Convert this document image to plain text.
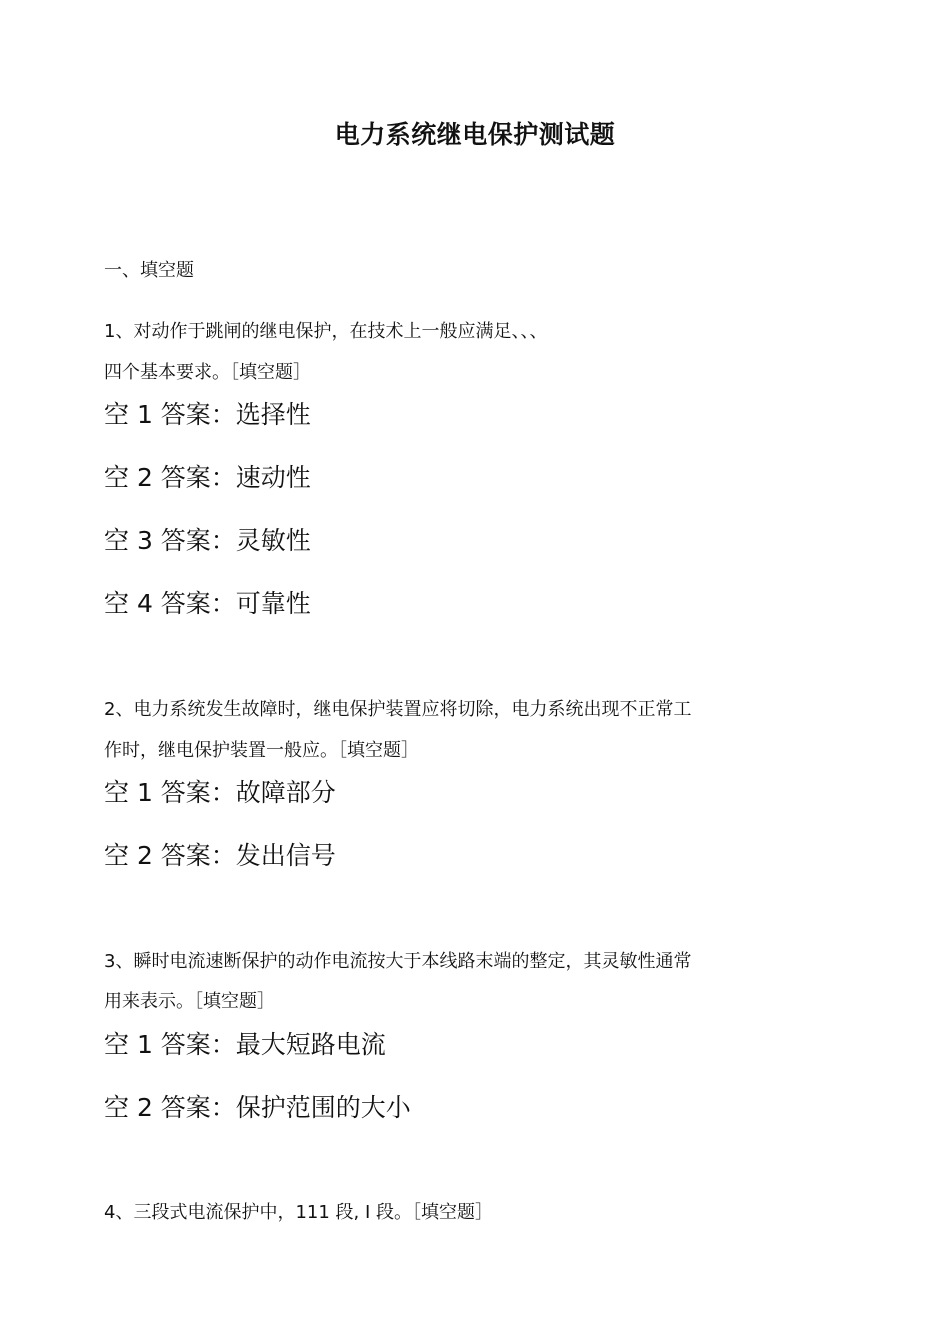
电力系统继电保护测试题
一、填空题
1、对动作于跳闸的继电保护，在技术上一般应满足、、、
四个基本要求。［填空题］
空 1 答案：选择性
空 2 答案：速动性
空 3 答案：灵敏性
空 4 答案：可靠性
2、电力系统发生故障时，继电保护装置应将切除，电力系统出现不正常工
作时，继电保护装置一般应。［填空题］
空 1 答案：故障部分
空 2 答案：发出信号
3、瞬时电流速断保护的动作电流按大于本线路末端的整定，其灵敏性通常
用来表示。［填空题］
空 1 答案：最大短路电流
空 2 答案：保护范围的大小
4、三段式电流保护中，111 段, I 段。［填空题］
